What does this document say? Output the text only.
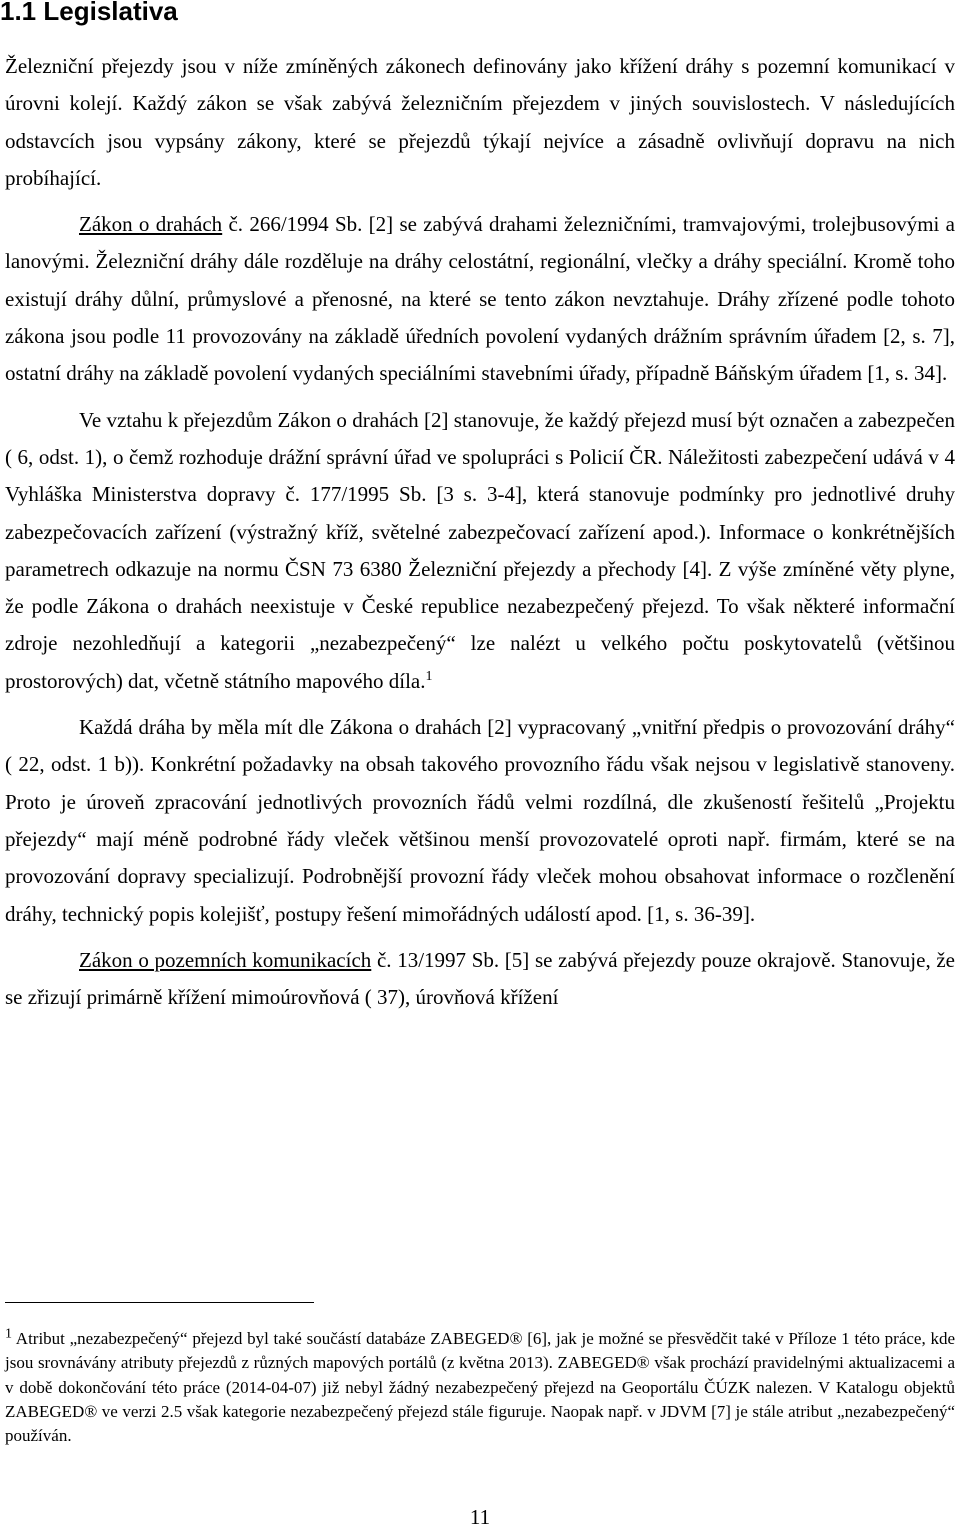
1.1 Legislativa

Železniční přejezdy jsou v níže zmíněných zákonech definovány jako křížení dráhy s pozemní komunikací v úrovni kolejí. Každý zákon se však zabývá železničním přejezdem v jiných souvislostech. V následujících odstavcích jsou vypsány zákony, které se přejezdů týkají nejvíce a zásadně ovlivňují dopravu na nich probíhající.

Zákon o drahách č. 266/1994 Sb. [2] se zabývá drahami železničními, tramvajovými, trolejbusovými a lanovými. Železniční dráhy dále rozděluje na dráhy celostátní, regionální, vlečky a dráhy speciální. Kromě toho existují dráhy důlní, průmyslové a přenosné, na které se tento zákon nevztahuje. Dráhy zřízené podle tohoto zákona jsou podle 11 provozovány na základě úředních povolení vydaných drážním správním úřadem [2, s. 7], ostatní dráhy na základě povolení vydaných speciálními stavebními úřady, případně Báňským úřadem [1, s. 34].

Ve vztahu k přejezdům Zákon o drahách [2] stanovuje, že každý přejezd musí být označen a zabezpečen ( 6, odst. 1), o čemž rozhoduje drážní správní úřad ve spolupráci s Policií ČR. Náležitosti zabezpečení udává v 4 Vyhláška Ministerstva dopravy č. 177/1995 Sb. [3 s. 3-4], která stanovuje podmínky pro jednotlivé druhy zabezpečovacích zařízení (výstražný kříž, světelné zabezpečovací zařízení apod.). Informace o konkrétnějších parametrech odkazuje na normu ČSN 73 6380 Železniční přejezdy a přechody [4]. Z výše zmíněné věty plyne, že podle Zákona o drahách neexistuje v České republice nezabezpečený přejezd. To však některé informační zdroje nezohledňují a kategorii „nezabezpečený“ lze nalézt u velkého počtu poskytovatelů (většinou prostorových) dat, včetně státního mapového díla.$^1$

Každá dráha by měla mít dle Zákona o drahách [2] vypracovaný „vnitřní předpis o provozování dráhy“ ( 22, odst. 1 b)). Konkrétní požadavky na obsah takového provozního řádu však nejsou v legislativě stanoveny. Proto je úroveň zpracování jednotlivých provozních řádů velmi rozdílná, dle zkušeností řešitelů „Projektu přejezdy“ mají méně podrobné řády vleček většinou menší provozovatelé oproti např. firmám, které se na provozování dopravy specializují. Podrobnější provozní řády vleček mohou obsahovat informace o rozčlenění dráhy, technický popis kolejišť, postupy řešení mimořádných událostí apod. [1, s. 36-39].

Zákon o pozemních komunikacích č. 13/1997 Sb. [5] se zabývá přejezdy pouze okrajově. Stanovuje, že se zřizují primárně křížení mimoúrovňová ( 37), úrovňová křížení

$^1$ Atribut „nezabezpečený“ přejezd byl také součástí databáze ZABEGED® [6], jak je možné se přesvědčit také v Příloze 1 této práce, kde jsou srovnávány atributy přejezdů z různých mapových portálů (z května 2013). ZABEGED® však prochází pravidelnými aktualizacemi a v době dokončování této práce (2014-04-07) již nebyl žádný nezabezpečený přejezd na Geoportálu ČÚZK nalezen. V Katalogu objektů ZABEGED® ve verzi 2.5 však kategorie nezabezpečený přejezd stále figuruje. Naopak např. v JDVM [7] je stále atribut „nezabezpečený“ používán.

11
